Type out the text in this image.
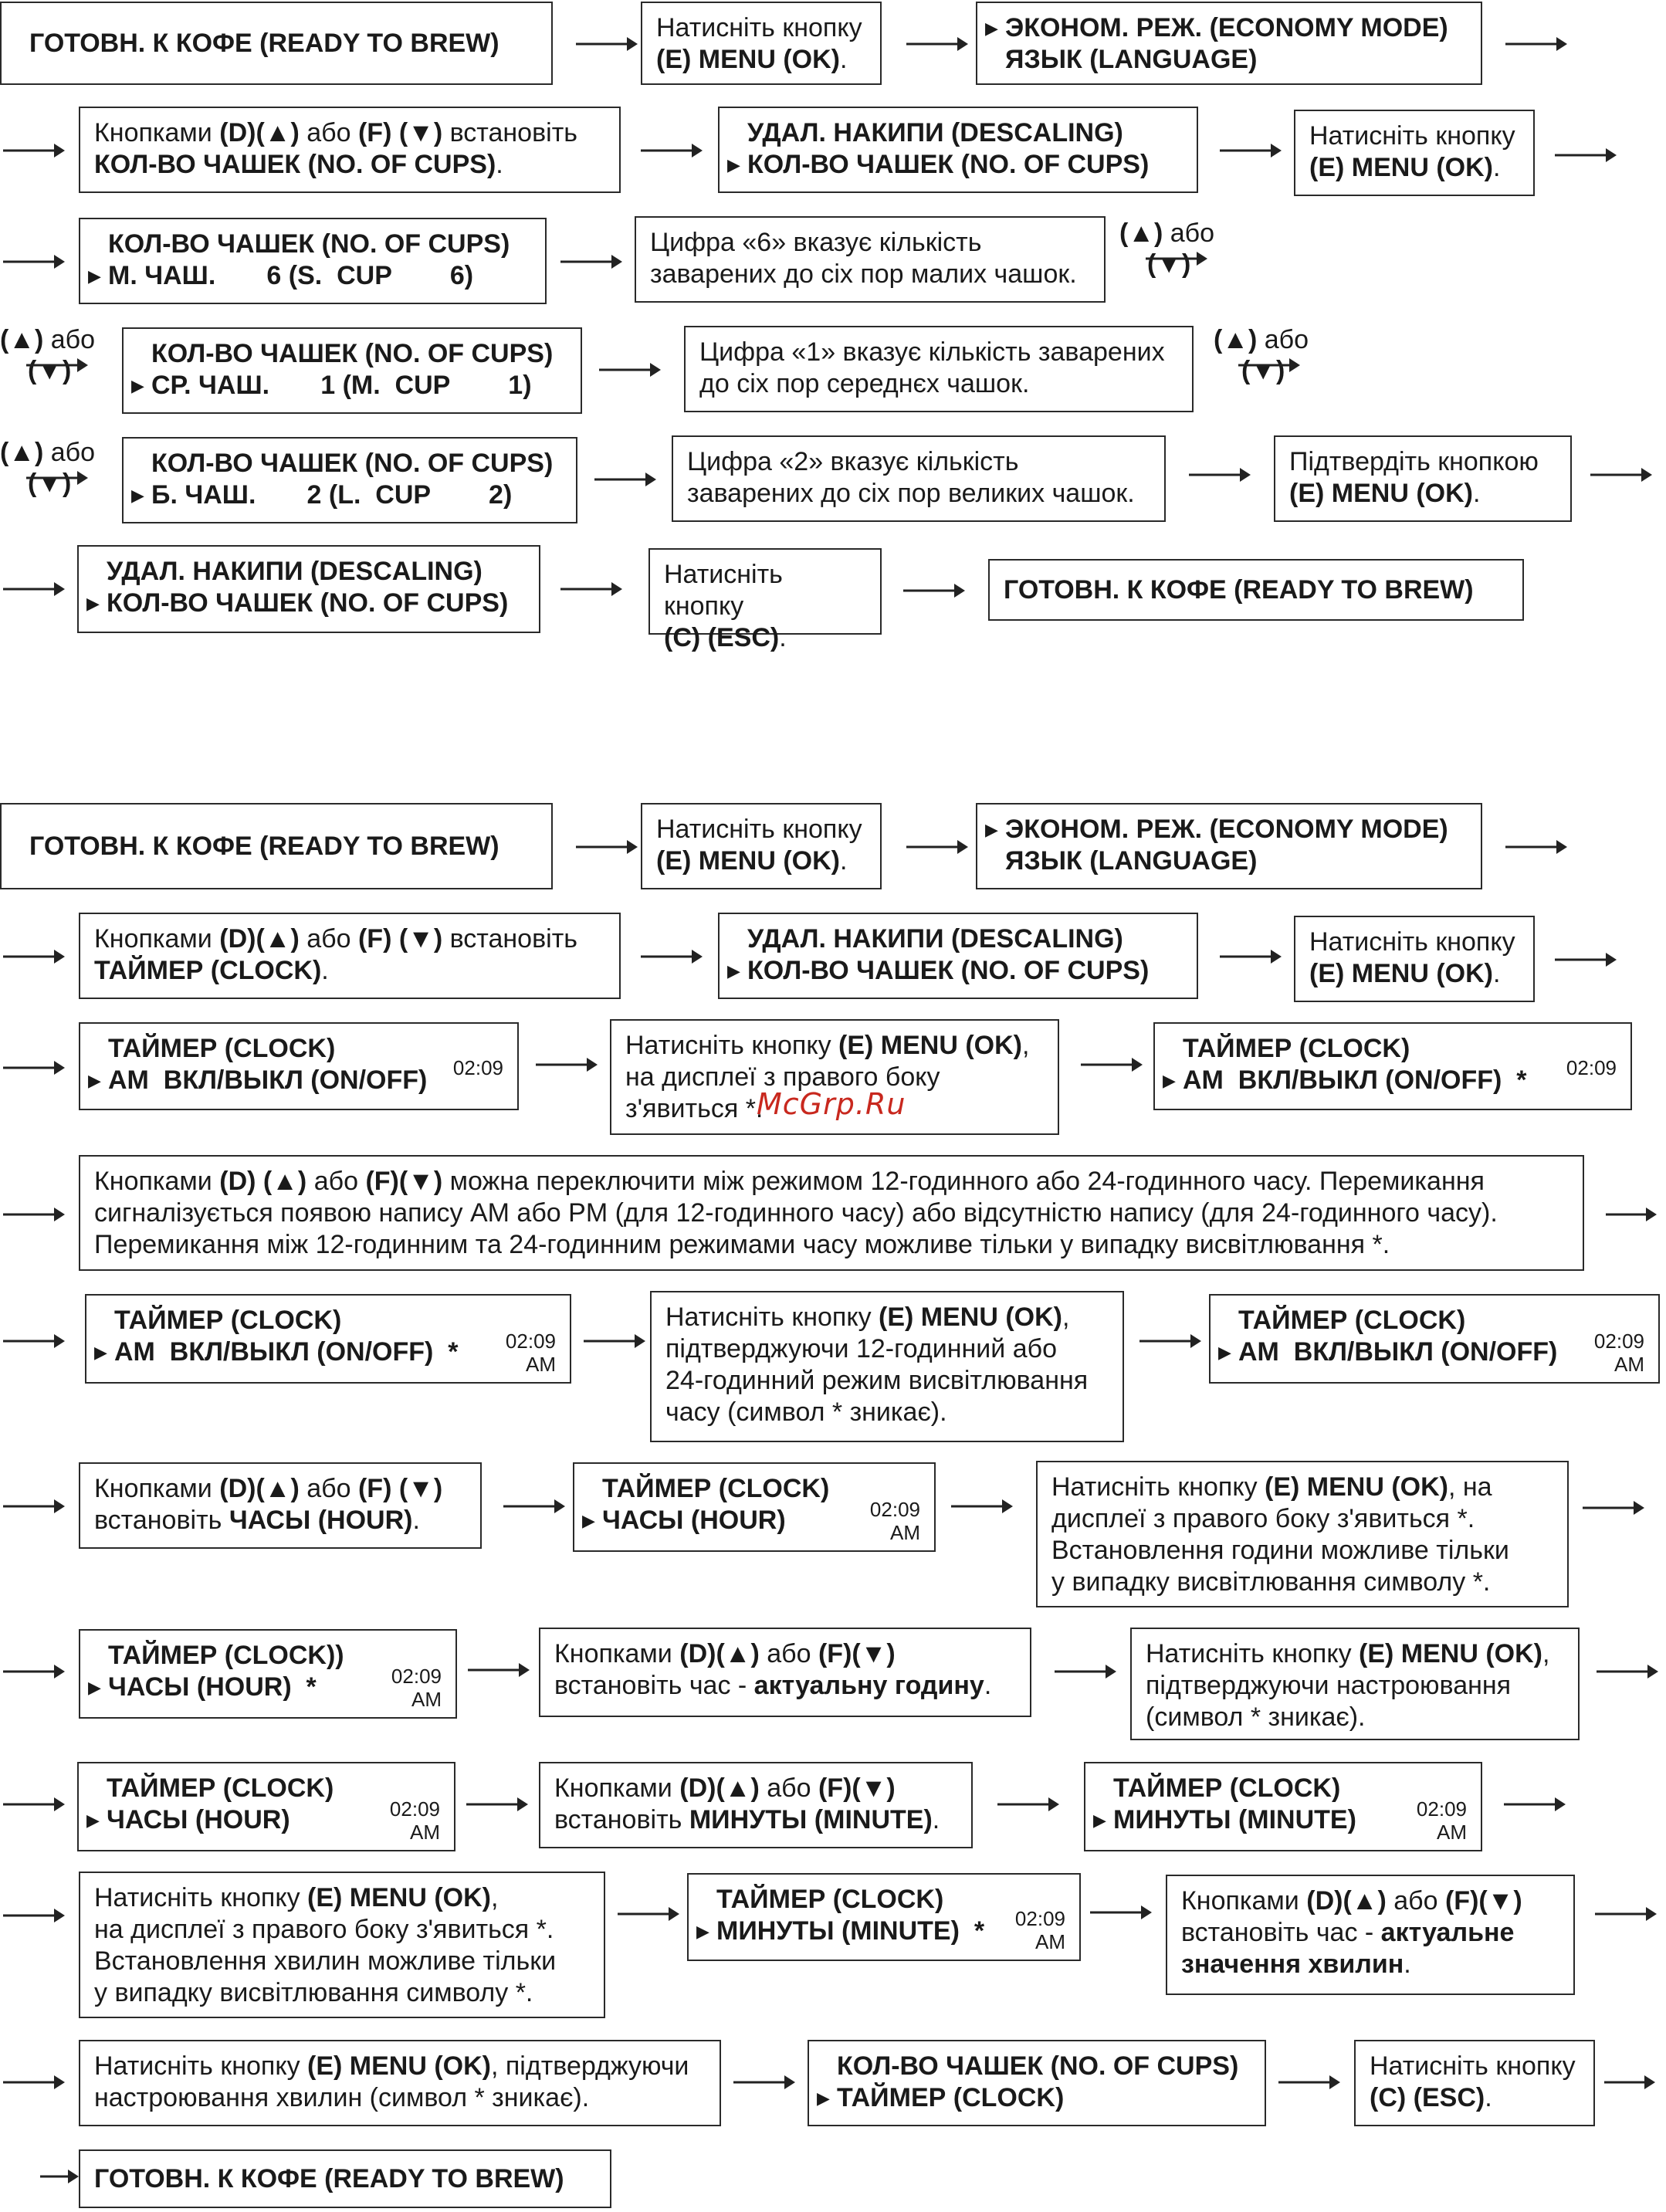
ГОТОВН. К КОФЕ (READY TO BREW)
Натисніть кнопку
(E) MENU (OK).
▶ ЭКОНОМ. РЕЖ. (ECONOMY MODE)
ЯЗЫК (LANGUAGE)
Кнопками (D)(▲) або (F) (▼) встановіть
КОЛ-ВО ЧАШЕК (NO. OF CUPS).
УДАЛ. НАКИПИ (DESCALING)
▶ КОЛ-ВО ЧАШЕК (NO. OF CUPS)
Натисніть кнопку
(E) MENU (OK).
КОЛ-ВО ЧАШЕК (NO. OF CUPS)
▶ М. ЧАШ.       6 (S.  CUP        6)
Цифра «6» вказує кількість
заварених до сіх пор малих чашок.
(▲) або
(▼)
(▲) або
(▼)
КОЛ-ВО ЧАШЕК (NO. OF CUPS)
▶ СР. ЧАШ.       1 (M.  CUP        1)
Цифра «1» вказує кількість заварених
до сіх пор середнєх чашок.
(▲) або
(▼)
(▲) або
(▼)
КОЛ-ВО ЧАШЕК (NO. OF CUPS)
▶ Б. ЧАШ.       2 (L.  CUP        2)
Цифра «2» вказує кількість
заварених до сіх пор великих чашок.
Підтвердіть кнопкою
(E) MENU (OK).
УДАЛ. НАКИПИ (DESCALING)
▶ КОЛ-ВО ЧАШЕК (NO. OF CUPS)
Натисніть кнопку
(C) (ESC).
ГОТОВН. К КОФЕ (READY TO BREW)
ГОТОВН. К КОФЕ (READY TO BREW)
Натисніть кнопку
(E) MENU (OK).
▶ ЭКОНОМ. РЕЖ. (ECONOMY MODE)
ЯЗЫК (LANGUAGE)
Кнопками (D)(▲) або (F) (▼) встановіть
ТАЙМЕР (CLOCK).
УДАЛ. НАКИПИ (DESCALING)
▶ КОЛ-ВО ЧАШЕК (NO. OF CUPS)
Натисніть кнопку
(E) MENU (OK).
ТАЙМЕР (CLOCK)
▶ AM  ВКЛ/ВЫКЛ (ON/OFF)	02:09
Натисніть кнопку (E) MENU (OK),
на дисплеї з правого боку
з'явиться *.
McGrp.Ru
ТАЙМЕР (CLOCK)
▶ AM  ВКЛ/ВЫКЛ (ON/OFF) *	02:09
Кнопками (D) (▲) або (F)(▼) можна переключити між режимом 12-годинного або 24-годинного часу. Перемикання
сигналізується появою напису AM або PM (для 12-годинного часу) або відсутністю напису (для 24-годинного часу).
Перемикання між 12-годинним та 24-годинним режимами часу можливе тільки у випадку висвітлювання *.
ТАЙМЕР (CLOCK)
▶ AM  ВКЛ/ВЫКЛ (ON/OFF) *	02:09
AM
Натисніть кнопку (E) MENU (OK),
підтверджуючи 12-годинний або
24-годинний режим висвітлювання
часу (символ * зникає).
ТАЙМЕР (CLOCK)
▶ AM  ВКЛ/ВЫКЛ (ON/OFF)	02:09
AM
Кнопками (D)(▲) або (F) (▼)
встановіть ЧАСЫ (HOUR).
ТАЙМЕР (CLOCK)
▶ ЧАСЫ (HOUR)	02:09
AM
Натисніть кнопку (E) MENU (OK), на
дисплеї з правого боку з'явиться *.
Встановлення години можливе тільки
у випадку висвітлювання символу *.
ТАЙМЕР (CLOCK))
▶ ЧАСЫ (HOUR) *	02:09
AM
Кнопками (D)(▲) або (F)(▼)
встановіть час - актуальну годину.
Натисніть кнопку (E) MENU (OK),
підтверджуючи настроювання
(символ * зникає).
ТАЙМЕР (CLOCK)
▶ ЧАСЫ (HOUR)	02:09
AM
Кнопками (D)(▲) або (F)(▼)
встановіть МИНУТЫ (MINUTE).
ТАЙМЕР (CLOCK)
▶ МИНУТЫ (MINUTE)	02:09
AM
Натисніть кнопку (E) MENU (OK),
на дисплеї з правого боку з'явиться *.
Встановлення хвилин можливе тільки
у випадку висвітлювання символу *.
ТАЙМЕР (CLOCK)
▶ МИНУТЫ (MINUTE) *	02:09
AM
Кнопками (D)(▲) або (F)(▼)
встановіть час - актуальне
значення хвилин.
Натисніть кнопку (E) MENU (OK), підтверджуючи
настроювання хвилин (символ * зникає).
КОЛ-ВО ЧАШЕК (NO. OF CUPS)
▶ ТАЙМЕР (CLOCK)
Натисніть кнопку
(C) (ESC).
ГОТОВН. К КОФЕ (READY TO BREW)
